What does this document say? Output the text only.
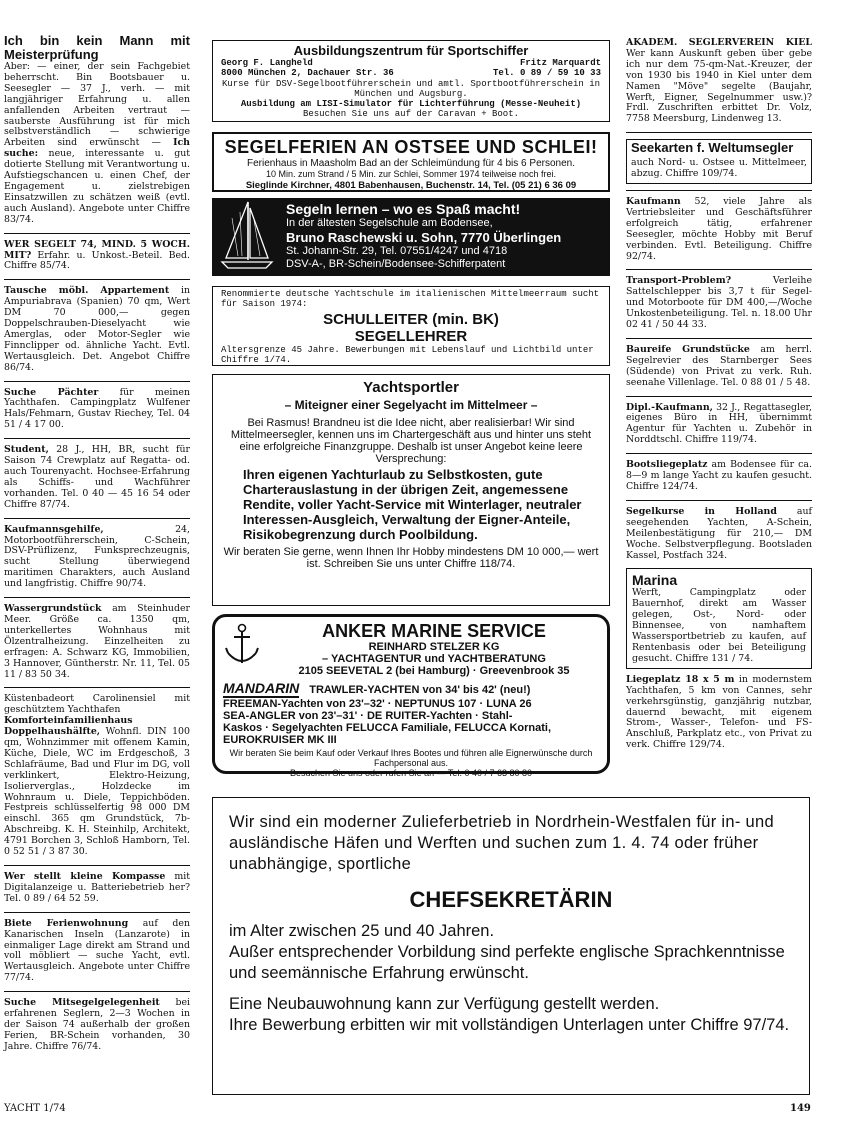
Ich bin kein Mann mit Meisterprüfung
Aber: — einer, der sein Fachgebiet beherrscht. Bin Bootsbauer u. Seesegler — 37 J., verh. — mit langjähriger Erfahrung u. allen anfallenden Arbeiten vertraut — sauberste Ausführung ist für mich selbstverständlich — schwierige Arbeiten sind erwünscht — Ich suche: neue, interessante u. gut dotierte Stellung mit Verantwortung u. Aufstiegschancen u. einen Chef, der Engagement u. zielstrebigen Einsatzwillen zu schätzen weiß (evtl. auch Ausland). Angebote unter Chiffre 83/74.
WER SEGELT 74, MIND. 5 WOCH. MIT? Erfahr. u. Unkost.-Beteil. Bed. Chiffre 85/74.
Tausche möbl. Appartement in Ampuriabrava (Spanien) 70 qm, Wert DM 70 000,— gegen Doppelschrauben-Dieselyacht wie Amerglas, oder Motor-Segler wie Finnclipper od. ähnliche Yacht. Evtl. Wertausgleich. Det. Angebot Chiffre 86/74.
Suche Pächter für meinen Yachthafen. Campingplatz Wulfener Hals/Fehmarn, Gustav Riechey, Tel. 04 51 / 4 17 00.
Student, 28 J., HH, BR, sucht für Saison 74 Crewplatz auf Regatta- od. auch Tourenyacht. Hochsee-Erfahrung als Schiffs- und Wachführer vorhanden. Tel. 0 40 — 45 16 54 oder Chiffre 87/74.
Kaufmannsgehilfe, 24, Motorbootführerschein, C-Schein, DSV-Prüflizenz, Funksprechzeugnis, sucht Stellung überwiegend maritimen Charakters, auch Ausland und langfristig. Chiffre 90/74.
Wassergrundstück am Steinhuder Meer. Größe ca. 1350 qm, unterkellertes Wohnhaus mit Ölzentralheizung. Einzelheiten zu erfragen: A. Schwarz KG, Immobilien, 3 Hannover, Güntherstr. Nr. 11, Tel. 05 11 / 83 50 34.
Küstenbadeort Carolinensiel mit geschütztem Yachthafen
Komforteinfamilienhaus Doppelhaushälfte, Wohnfl. DIN 100 qm, Wohnzimmer mit offenem Kamin, Küche, Diele, WC im Erdgeschoß, 3 Schlafräume, Bad und Flur im DG, voll verklinkert, Elektro-Heizung, Isolierverglas., Holzdecke im Wohnraum u. Diele, Teppichböden. Festpreis schlüsselfertig 98 000 DM einschl. 365 qm Grundstück, 7b-Abschreibg. K. H. Steinhilp, Architekt, 4791 Borchen 3, Schloß Hamborn, Tel. 0 52 51 / 3 87 30.
Wer stellt kleine Kompasse mit Digitalanzeige u. Batteriebetrieb her? Tel. 0 89 / 64 52 59.
Biete Ferienwohnung auf den Kanarischen Inseln (Lanzarote) in einmaliger Lage direkt am Strand und voll möbliert — suche Yacht, evtl. Wertausgleich. Angebote unter Chiffre 77/74.
Suche Mitsegelgelegenheit bei erfahrenen Seglern, 2—3 Wochen in der Saison 74 außerhalb der großen Ferien, BR-Schein vorhanden, 30 Jahre. Chiffre 76/74.
Ausbildungszentrum für Sportschiffer
Georg F. Langheld	Fritz Marquardt
8000 München 2, Dachauer Str. 36	Tel. 0 89 / 59 10 33
Kurse für DSV-Segelbootführerschein und amtl. Sportbootführerschein in München und Augsburg.
Ausbildung am LISI-Simulator für Lichterführung (Messe-Neuheit)
Besuchen Sie uns auf der Caravan + Boot.
SEGELFERIEN AN OSTSEE UND SCHLEI!
Ferienhaus in Maasholm Bad an der Schleimündung für 4 bis 6 Personen.
10 Min. zum Strand / 5 Min. zur Schlei, Sommer 1974 teilweise noch frei.
Sieglinde Kirchner, 4801 Babenhausen, Buchenstr. 14, Tel. (05 21) 6 36 09
Segeln lernen – wo es Spaß macht!
In der ältesten Segelschule am Bodensee,
Bruno Raschewski u. Sohn, 7770 Überlingen
St. Johann-Str. 29, Tel. 07551/4247 und 4718
DSV-A-, BR-Schein/Bodensee-Schifferpatent
Renommierte deutsche Yachtschule im italienischen Mittelmeerraum sucht für Saison 1974:
SCHULLEITER (min. BK)
SEGELLEHRER
Altersgrenze 45 Jahre. Bewerbungen mit Lebenslauf und Lichtbild unter Chiffre 1/74.
Yachtsportler
– Miteigner einer Segelyacht im Mittelmeer –
Bei Rasmus! Brandneu ist die Idee nicht, aber realisierbar! Wir sind Mittelmeersegler, kennen uns im Chartergeschäft aus und hinter uns steht eine erfolgreiche Finanzgruppe. Deshalb ist unser Angebot keine leere Versprechung:
Ihren eigenen Yachturlaub zu Selbstkosten, gute Charterauslastung in der übrigen Zeit, angemessene Rendite, voller Yacht-Service mit Winterlager, neutraler Interessen-Ausgleich, Verwaltung der Eigner-Anteile, Risikobegrenzung durch Poolbildung.
Wir beraten Sie gerne, wenn Ihnen Ihr Hobby mindestens DM 10 000,— wert ist. Schreiben Sie uns unter Chiffre 118/74.
ANKER MARINE SERVICE
REINHARD STELZER KG
– YACHTAGENTUR und YACHTBERATUNG
2105 SEEVETAL 2 (bei Hamburg) · Greevenbrook 35
MANDARIN TRAWLER-YACHTEN von 34' bis 42' (neu!)
FREEMAN-Yachten von 23'–32' · NEPTUNUS 107 · LUNA 26
SEA-ANGLER von 23'–31' · DE RUITER-Yachten · Stahl-
Kaskos · Segelyachten FELUCCA Familiale, FELUCCA Kornati, EUROKRUISER MK III
Wir beraten Sie beim Kauf oder Verkauf Ihres Bootes und führen alle Eignerwünsche durch Fachpersonal aus.
Besuchen Sie uns oder rufen Sie an — Tel. 0 40 / 7 63 80 80
AKADEM. SEGLERVEREIN KIEL Wer kann Auskunft geben über gebe ich nur dem 75-qm-Nat.-Kreuzer, der von 1930 bis 1940 in Kiel unter dem Namen "Möve" segelte (Baujahr, Werft, Eigner, Segelnummer usw.)? Frdl. Zuschriften erbittet Dr. Volz, 7758 Meersburg, Lindenweg 13.
Seekarten f. Weltumsegler
auch Nord- u. Ostsee u. Mittelmeer, abzug. Chiffre 109/74.
Kaufmann 52, viele Jahre als Vertriebsleiter und Geschäftsführer erfolgreich tätig, erfahrener Seesegler, möchte Hobby mit Beruf verbinden. Evtl. Beteiligung. Chiffre 92/74.
Transport-Problem? Verleihe Sattelschlepper bis 3,7 t für Segel- und Motorboote für DM 400,—/Woche Unkostenbeteiligung. Tel. n. 18.00 Uhr 02 41 / 50 44 33.
Baureife Grundstücke am herrl. Segelrevier des Starnberger Sees (Südende) von Privat zu verk. Ruh. seenahe Villenlage. Tel. 0 88 01 / 5 48.
Dipl.-Kaufmann, 32 J., Regattasegler, eigenes Büro in HH, übernimmt Agentur für Yachten u. Zubehör in Norddtschl. Chiffre 119/74.
Bootsliegeplatz am Bodensee für ca. 8—9 m lange Yacht zu kaufen gesucht. Chiffre 124/74.
Segelkurse in Holland auf seegehenden Yachten, A-Schein, Meilenbestätigung für 210,— DM Woche. Selbstverpflegung. Bootsladen Kassel, Postfach 324.
Marina
Werft, Campingplatz oder Bauernhof, direkt am Wasser gelegen, Ost-, Nord- oder Binnensee, von namhaftem Wassersportbetrieb zu kaufen, auf Rentenbasis oder bei Beteiligung gesucht. Chiffre 131 / 74.
Liegeplatz 18 x 5 m in modernstem Yachthafen, 5 km von Cannes, sehr verkehrsgünstig, ganzjährig nutzbar, dauernd bewacht, mit eigenem Strom-, Wasser-, Telefon- und FS-Anschluß, Parkplatz etc., von Privat zu verk. Chiffre 129/74.

Wir sind ein moderner Zulieferbetrieb in Nordrhein-Westfalen für in- und ausländische Häfen und Werften und suchen zum 1. 4. 74 oder früher unabhängige, sportliche

CHEFSEKRETÄRIN

im Alter zwischen 25 und 40 Jahren.

Außer entsprechender Vorbildung sind perfekte englische Sprachkenntnisse und seemännische Erfahrung erwünscht.

Eine Neubauwohnung kann zur Verfügung gestellt werden.

Ihre Bewerbung erbitten wir mit vollständigen Unterlagen unter Chiffre 97/74.

YACHT 1/74	149
